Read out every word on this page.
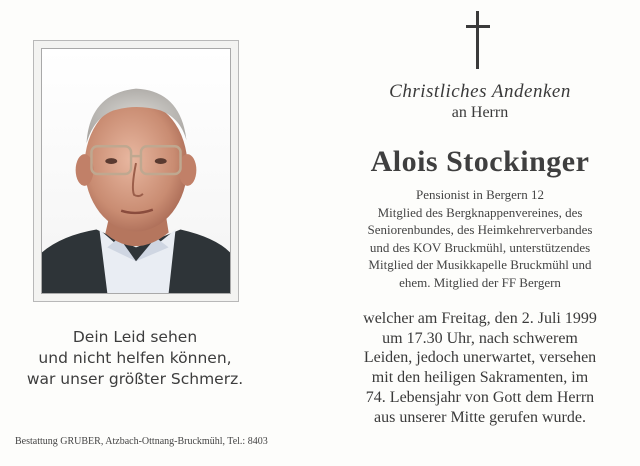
Dein Leid sehen
und nicht helfen können,
war unser größter Schmerz.
Bestattung GRUBER, Atzbach-Ottnang-Bruckmühl, Tel.: 8403
Christliches Andenken
an Herrn
Alois Stockinger
Pensionist in Bergern 12
Mitglied des Bergknappenvereines, des
Seniorenbundes, des Heimkehrerverbandes
und des KOV Bruckmühl, unterstützendes
Mitglied der Musikkapelle Bruckmühl und
ehem. Mitglied der FF Bergern
welcher am Freitag, den 2. Juli 1999
um 17.30 Uhr, nach schwerem
Leiden, jedoch unerwartet, versehen
mit den heiligen Sakramenten, im
74. Lebensjahr von Gott dem Herrn
aus unserer Mitte gerufen wurde.
